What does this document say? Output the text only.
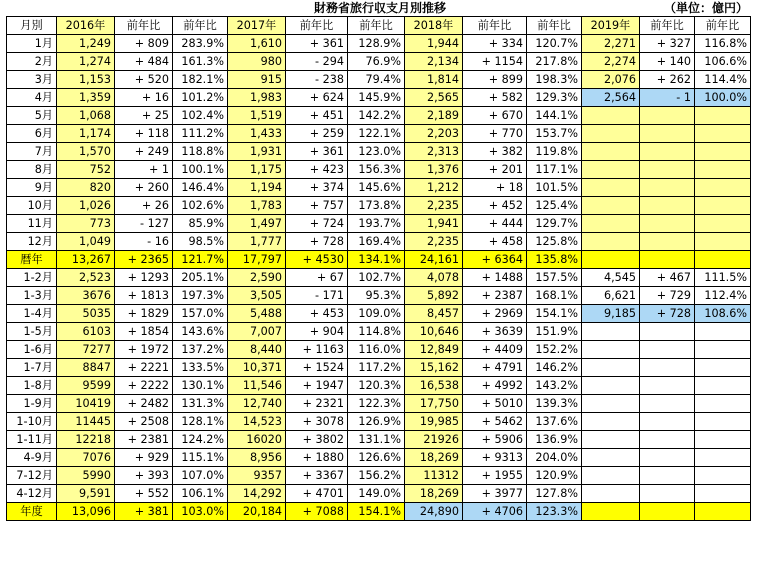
財務省旅行収支月別推移	（単位：億円）
月別	2016年	前年比	前年比	2017年	前年比	前年比	2018年	前年比	前年比	2019年	前年比	前年比
1月	1,249	+ 809	283.9%	1,610	+ 361	128.9%	1,944	+ 334	120.7%	2,271	+ 327	116.8%
2月	1,274	+ 484	161.3%	980	- 294	76.9%	2,134	+ 1154	217.8%	2,274	+ 140	106.6%
3月	1,153	+ 520	182.1%	915	- 238	79.4%	1,814	+ 899	198.3%	2,076	+ 262	114.4%
4月	1,359	+ 16	101.2%	1,983	+ 624	145.9%	2,565	+ 582	129.3%	2,564	- 1	100.0%
5月	1,068	+ 25	102.4%	1,519	+ 451	142.2%	2,189	+ 670	144.1%			
6月	1,174	+ 118	111.2%	1,433	+ 259	122.1%	2,203	+ 770	153.7%			
7月	1,570	+ 249	118.8%	1,931	+ 361	123.0%	2,313	+ 382	119.8%			
8月	752	+ 1	100.1%	1,175	+ 423	156.3%	1,376	+ 201	117.1%			
9月	820	+ 260	146.4%	1,194	+ 374	145.6%	1,212	+ 18	101.5%			
10月	1,026	+ 26	102.6%	1,783	+ 757	173.8%	2,235	+ 452	125.4%			
11月	773	- 127	85.9%	1,497	+ 724	193.7%	1,941	+ 444	129.7%			
12月	1,049	- 16	98.5%	1,777	+ 728	169.4%	2,235	+ 458	125.8%			
暦年	13,267	+ 2365	121.7%	17,797	+ 4530	134.1%	24,161	+ 6364	135.8%			
1-2月	2,523	+ 1293	205.1%	2,590	+ 67	102.7%	4,078	+ 1488	157.5%	4,545	+ 467	111.5%
1-3月	3676	+ 1813	197.3%	3,505	- 171	95.3%	5,892	+ 2387	168.1%	6,621	+ 729	112.4%
1-4月	5035	+ 1829	157.0%	5,488	+ 453	109.0%	8,457	+ 2969	154.1%	9,185	+ 728	108.6%
1-5月	6103	+ 1854	143.6%	7,007	+ 904	114.8%	10,646	+ 3639	151.9%			
1-6月	7277	+ 1972	137.2%	8,440	+ 1163	116.0%	12,849	+ 4409	152.2%			
1-7月	8847	+ 2221	133.5%	10,371	+ 1524	117.2%	15,162	+ 4791	146.2%			
1-8月	9599	+ 2222	130.1%	11,546	+ 1947	120.3%	16,538	+ 4992	143.2%			
1-9月	10419	+ 2482	131.3%	12,740	+ 2321	122.3%	17,750	+ 5010	139.3%			
1-10月	11445	+ 2508	128.1%	14,523	+ 3078	126.9%	19,985	+ 5462	137.6%			
1-11月	12218	+ 2381	124.2%	16020	+ 3802	131.1%	21926	+ 5906	136.9%			
4-9月	7076	+ 929	115.1%	8,956	+ 1880	126.6%	18,269	+ 9313	204.0%			
7-12月	5990	+ 393	107.0%	9357	+ 3367	156.2%	11312	+ 1955	120.9%			
4-12月	9,591	+ 552	106.1%	14,292	+ 4701	149.0%	18,269	+ 3977	127.8%			
年度	13,096	+ 381	103.0%	20,184	+ 7088	154.1%	24,890	+ 4706	123.3%			
